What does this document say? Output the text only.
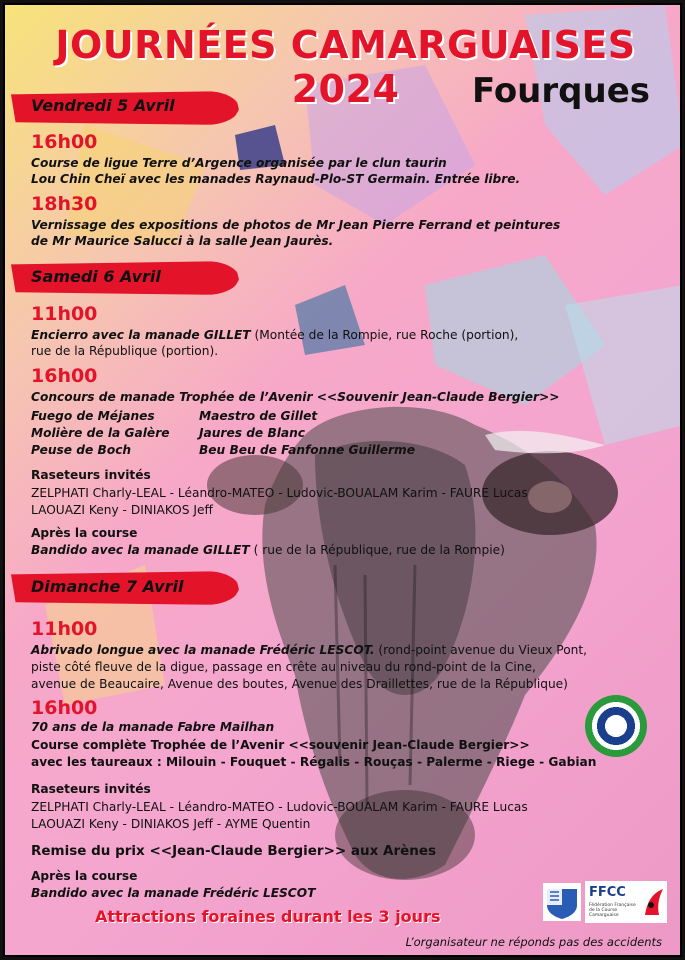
JOURNÉES CAMARGUAISES 2024	Fourques
Vendredi 5 Avril
16h00
Course de ligue Terre d’Argence organisée par le clun taurin
Lou Chin Cheï avec les manades Raynaud-Plo-ST Germain. Entrée libre.
18h30
Vernissage des expositions de photos de Mr Jean Pierre Ferrand et peintures
de Mr Maurice Salucci à la salle Jean Jaurès.
Samedi 6 Avril
11h00
Encierro avec la manade GILLET (Montée de la Rompie, rue Roche (portion),
rue de la République (portion).
16h00
Concours de manade Trophée de l’Avenir <<Souvenir Jean-Claude Bergier>>
Fuego de Méjanes
Molière de la Galère
Peuse de Boch
Maestro de Gillet
Jaures de Blanc
Beu Beu de Fanfonne Guillerme
Raseteurs invités
ZELPHATI Charly-LEAL - Léandro-MATEO - Ludovic-BOUALAM Karim - FAURE Lucas
LAOUAZI Keny - DINIAKOS Jeff
Après la course
Bandido avec la manade GILLET ( rue de la République, rue de la Rompie)
Dimanche 7 Avril
11h00
Abrivado longue avec la manade Frédéric LESCOT. (rond-point avenue du Vieux Pont,
piste côté fleuve de la digue, passage en crête au niveau du rond-point de la Cine,
avenue de Beaucaire, Avenue des boutes, Avenue des Draillettes, rue de la République)
16h00
70 ans de la manade Fabre Mailhan
Course complète Trophée de l’Avenir <<souvenir Jean-Claude Bergier>>
avec les taureaux : Milouin - Fouquet - Régalis - Rouças - Palerme - Riege - Gabian
Raseteurs invités
ZELPHATI Charly-LEAL - Léandro-MATEO - Ludovic-BOUALAM Karim - FAURE Lucas
LAOUAZI Keny - DINIAKOS Jeff - AYME Quentin
Remise du prix <<Jean-Claude Bergier>> aux Arènes
Après la course
Bandido avec la manade Frédéric LESCOT	FFCC
Fédération Française de la Course Camarguaise
Attractions foraines durant les 3 jours
L’organisateur ne réponds pas des accidents
